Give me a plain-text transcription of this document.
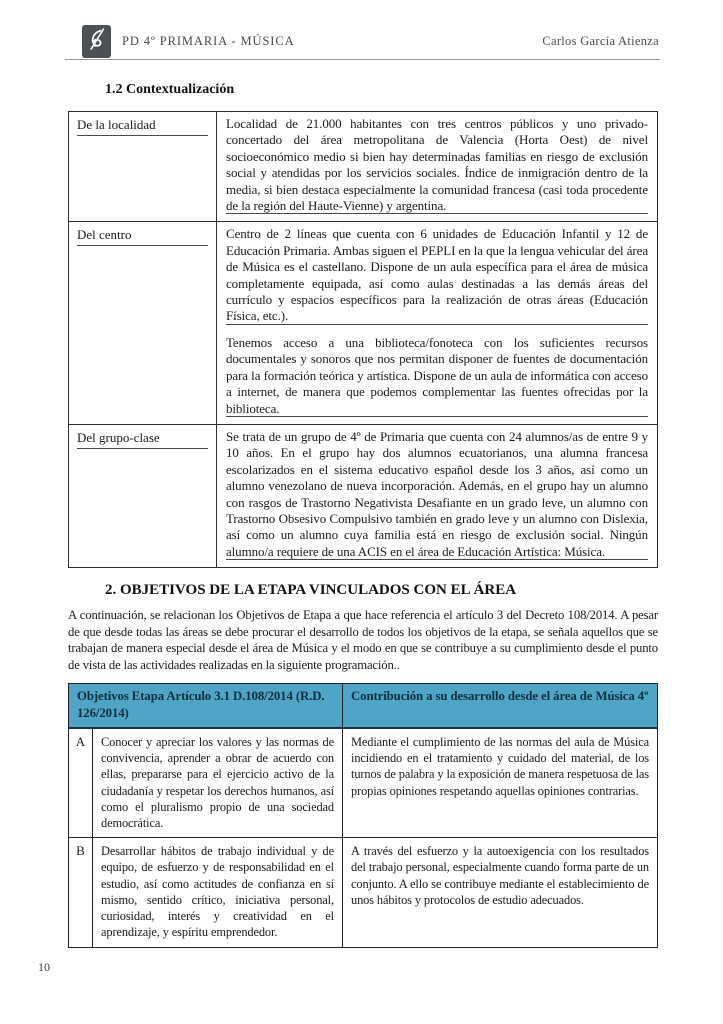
PD 4º PRIMARIA - MÚSICA	Carlos García Atienza
1.2 Contextualización
De la localidad	Localidad de 21.000 habitantes con tres centros públicos y uno privado-concertado del área metropolitana de Valencia (Horta Oest) de nivel socioeconómico medio si bien hay determinadas familias en riesgo de exclusión social y atendidas por los servicios sociales. Índice de inmigración dentro de la media, si bien destaca especialmente la comunidad francesa (casi toda procedente de la región del Haute-Vienne) y argentina.

Del centro	Centro de 2 líneas que cuenta con 6 unidades de Educación Infantil y 12 de Educación Primaria. Ambas siguen el PEPLI en la que la lengua vehicular del área de Música es el castellano. Dispone de un aula específica para el área de música completamente equipada, así como aulas destinadas a las demás áreas del currículo y espacios específicos para la realización de otras áreas (Educación Física, etc.).

Tenemos acceso a una biblioteca/fonoteca con los suficientes recursos documentales y sonoros que nos permitan disponer de fuentes de documentación para la formación teórica y artística. Dispone de un aula de informática con acceso a internet, de manera que podemos complementar las fuentes ofrecidas por la biblioteca.

Del grupo-clase	Se trata de un grupo de 4º de Primaria que cuenta con 24 alumnos/as de entre 9 y 10 años. En el grupo hay dos alumnos ecuatorianos, una alumna francesa escolarizados en el sistema educativo español desde los 3 años, así como un alumno venezolano de nueva incorporación. Además, en el grupo hay un alumno con rasgos de Trastorno Negativista Desafiante en un grado leve, un alumno con Trastorno Obsesivo Compulsivo también en grado leve y un alumno con Dislexia, así como un alumno cuya familia está en riesgo de exclusión social. Ningún alumno/a requiere de una ACIS en el área de Educación Artística: Música.

2. OBJETIVOS DE LA ETAPA VINCULADOS CON EL ÁREA

A continuación, se relacionan los Objetivos de Etapa a que hace referencia el artículo 3 del Decreto 108/2014. A pesar de que desde todas las áreas se debe procurar el desarrollo de todos los objetivos de la etapa, se señala aquellos que se trabajan de manera especial desde el área de Música y el modo en que se contribuye a su cumplimiento desde el punto de vista de las actividades realizadas en la siguiente programación..

Objetivos Etapa Artículo 3.1 D.108/2014 (R.D. 126/2014)		Contribución a su desarrollo desde el área de Música 4º
A	Conocer y apreciar los valores y las normas de convivencia, aprender a obrar de acuerdo con ellas, prepararse para el ejercicio activo de la ciudadanía y respetar los derechos humanos, así como el pluralismo propio de una sociedad democrática.	Mediante el cumplimiento de las normas del aula de Música incidiendo en el tratamiento y cuidado del material, de los turnos de palabra y la exposición de manera respetuosa de las propias opiniones respetando aquellas opiniones contrarias.
B	Desarrollar hábitos de trabajo individual y de equipo, de esfuerzo y de responsabilidad en el estudio, así como actitudes de confianza en sí mismo, sentido crítico, iniciativa personal, curiosidad, interés y creatividad en el aprendizaje, y espíritu emprendedor.	A través del esfuerzo y la autoexigencia con los resultados del trabajo personal, especialmente cuando forma parte de un conjunto. A ello se contribuye mediante el establecimiento de unos hábitos y protocolos de estudio adecuados.
10
